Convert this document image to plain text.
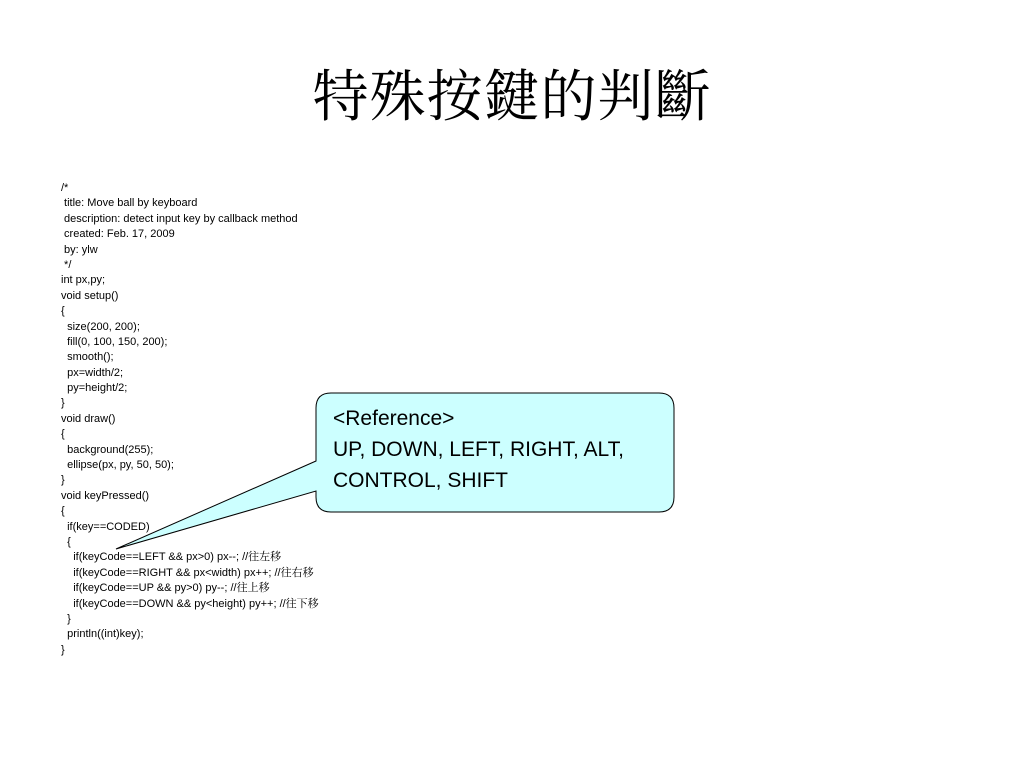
特殊按鍵的判斷
/*
title: Move ball by keyboard
description: detect input key by callback method
created: Feb. 17, 2009
by: ylw
*/
int px,py;
void setup()
{
size(200, 200);
fill(0, 100, 150, 200);
smooth();
px=width/2;
py=height/2;
}
void draw()
{
background(255);
ellipse(px, py, 50, 50);
}
void keyPressed()
{
if(key==CODED)
{
if(keyCode==LEFT && px>0) px--; //往左移
if(keyCode==RIGHT && px<width) px++; //往右移
if(keyCode==UP && py>0) py--; //往上移
if(keyCode==DOWN && py<height) py++; //往下移
}
println((int)key);
}
<Reference>
UP, DOWN, LEFT, RIGHT, ALT,
CONTROL, SHIFT
